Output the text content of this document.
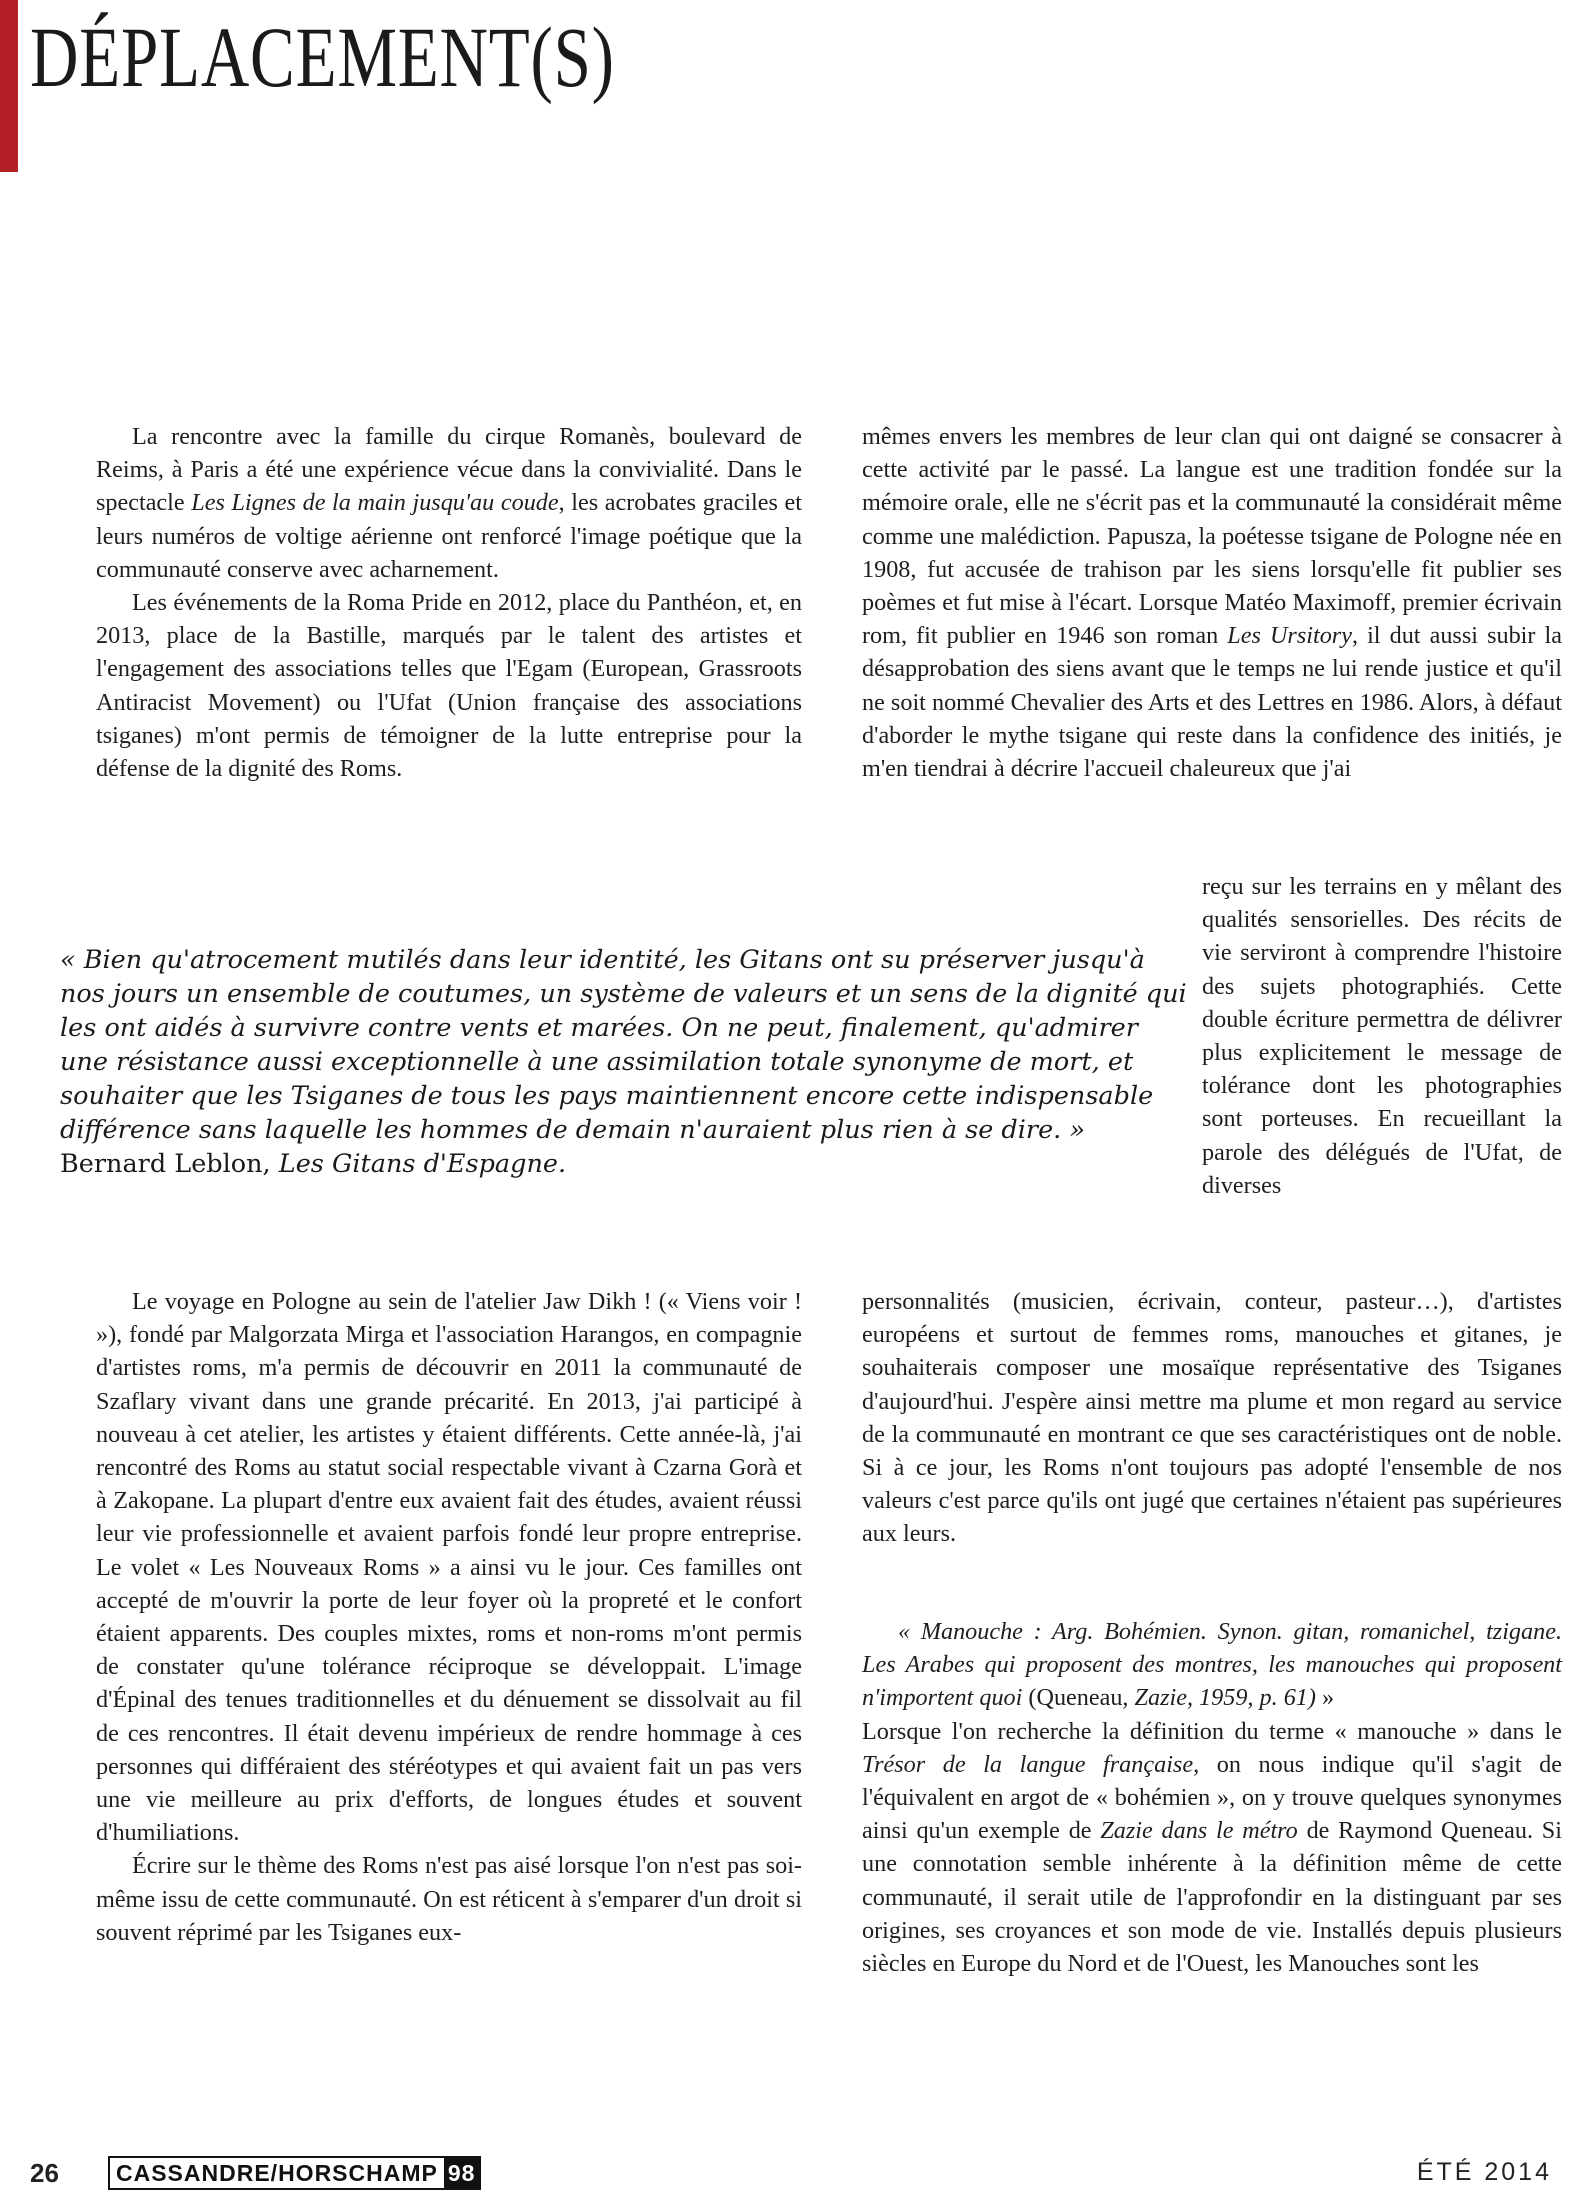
DÉPLACEMENT(S)

La rencontre avec la famille du cirque Romanès, boulevard de Reims, à Paris a été une expérience vécue dans la convivialité. Dans le spectacle Les Lignes de la main jusqu'au coude, les acrobates graciles et leurs numéros de voltige aérienne ont renforcé l'image poétique que la communauté conserve avec acharnement.

Les événements de la Roma Pride en 2012, place du Panthéon, et, en 2013, place de la Bastille, marqués par le talent des artistes et l'engagement des associations telles que l'Egam (European, Grassroots Antiracist Movement) ou l'Ufat (Union française des associations tsiganes) m'ont permis de témoigner de la lutte entreprise pour la défense de la dignité des Roms.

mêmes envers les membres de leur clan qui ont daigné se consacrer à cette activité par le passé. La langue est une tradition fondée sur la mémoire orale, elle ne s'écrit pas et la communauté la considérait même comme une malédiction. Papusza, la poétesse tsigane de Pologne née en 1908, fut accusée de trahison par les siens lorsqu'elle fit publier ses poèmes et fut mise à l'écart. Lorsque Matéo Maximoff, premier écrivain rom, fit publier en 1946 son roman Les Ursitory, il dut aussi subir la désapprobation des siens avant que le temps ne lui rende justice et qu'il ne soit nommé Chevalier des Arts et des Lettres en 1986. Alors, à défaut d'aborder le mythe tsigane qui reste dans la confidence des initiés, je m'en tiendrai à décrire l'accueil chaleureux que j'ai

reçu sur les terrains en y mêlant des qualités sensorielles. Des récits de vie serviront à comprendre l'histoire des sujets photographiés. Cette double écriture permettra de délivrer plus explicitement le message de tolérance dont les photographies sont porteuses. En recueillant la parole des délégués de l'Ufat, de diverses

« Bien qu'atrocement mutilés dans leur identité, les Gitans ont su préserver jusqu'à nos jours un ensemble de coutumes, un système de valeurs et un sens de la dignité qui les ont aidés à survivre contre vents et marées. On ne peut, finalement, qu'admirer une résistance aussi exceptionnelle à une assimilation totale synonyme de mort, et souhaiter que les Tsiganes de tous les pays maintiennent encore cette indispensable différence sans laquelle les hommes de demain n'auraient plus rien à se dire. »
Bernard Leblon, Les Gitans d'Espagne.

Le voyage en Pologne au sein de l'atelier Jaw Dikh ! (« Viens voir ! »), fondé par Malgorzata Mirga et l'association Harangos, en compagnie d'artistes roms, m'a permis de découvrir en 2011 la communauté de Szaflary vivant dans une grande précarité. En 2013, j'ai participé à nouveau à cet atelier, les artistes y étaient différents. Cette année-là, j'ai rencontré des Roms au statut social respectable vivant à Czarna Gorà et à Zakopane. La plupart d'entre eux avaient fait des études, avaient réussi leur vie professionnelle et avaient parfois fondé leur propre entreprise. Le volet « Les Nouveaux Roms » a ainsi vu le jour. Ces familles ont accepté de m'ouvrir la porte de leur foyer où la propreté et le confort étaient apparents. Des couples mixtes, roms et non-roms m'ont permis de constater qu'une tolérance réciproque se développait. L'image d'Épinal des tenues traditionnelles et du dénuement se dissolvait au fil de ces rencontres. Il était devenu impérieux de rendre hommage à ces personnes qui différaient des stéréotypes et qui avaient fait un pas vers une vie meilleure au prix d'efforts, de longues études et souvent d'humiliations.

Écrire sur le thème des Roms n'est pas aisé lorsque l'on n'est pas soi-même issu de cette communauté. On est réticent à s'emparer d'un droit si souvent réprimé par les Tsiganes eux-

personnalités (musicien, écrivain, conteur, pasteur…), d'artistes européens et surtout de femmes roms, manouches et gitanes, je souhaiterais composer une mosaïque représentative des Tsiganes d'aujourd'hui. J'espère ainsi mettre ma plume et mon regard au service de la communauté en montrant ce que ses caractéristiques ont de noble. Si à ce jour, les Roms n'ont toujours pas adopté l'ensemble de nos valeurs c'est parce qu'ils ont jugé que certaines n'étaient pas supérieures aux leurs.

« Manouche : Arg. Bohémien. Synon. gitan, romanichel, tzigane. Les Arabes qui proposent des montres, les manouches qui proposent n'importent quoi (Queneau, Zazie, 1959, p. 61) »

Lorsque l'on recherche la définition du terme « manouche » dans le Trésor de la langue française, on nous indique qu'il s'agit de l'équivalent en argot de « bohémien », on y trouve quelques synonymes ainsi qu'un exemple de Zazie dans le métro de Raymond Queneau. Si une connotation semble inhérente à la définition même de cette communauté, il serait utile de l'approfondir en la distinguant par ses origines, ses croyances et son mode de vie. Installés depuis plusieurs siècles en Europe du Nord et de l'Ouest, les Manouches sont les

26 CASSANDRE/HORSCHAMP 98	ÉTÉ 2014
